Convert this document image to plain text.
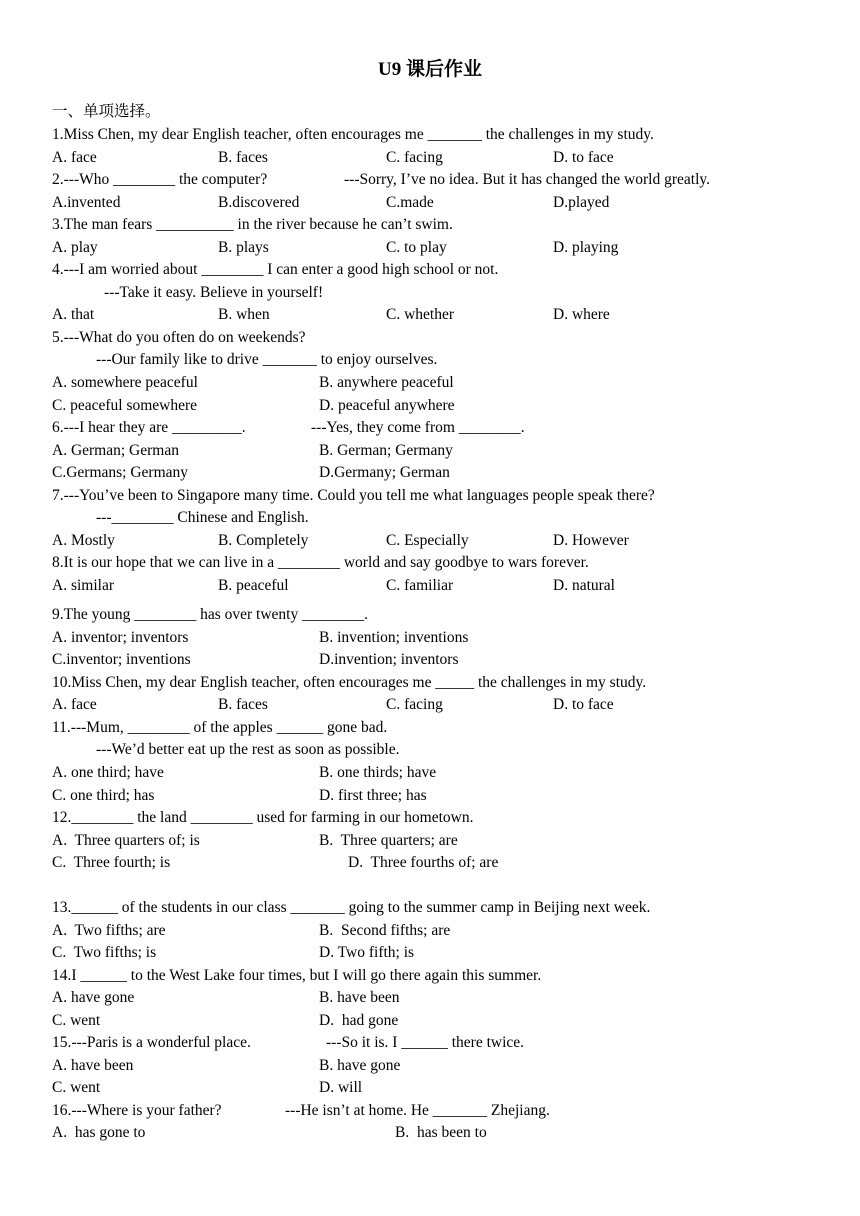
U9 课后作业
一、单项选择。
1.Miss Chen, my dear English teacher, often encourages me _______ the challenges in my study.
A. face	B. faces	C. facing	D. to face
2.---Who ________ the computer?	---Sorry, I’ve no idea. But it has changed the world greatly.
A.invented	B.discovered	C.made	D.played
3.The man fears __________ in the river because he can’t swim.
A. play	B. plays	C. to play	D. playing
4.---I am worried about ________ I can enter a good high school or not.
---Take it easy. Believe in yourself!
A. that	B. when	C. whether	D. where
5.---What do you often do on weekends?
---Our family like to drive _______ to enjoy ourselves.
A. somewhere peaceful	B. anywhere peaceful
C. peaceful somewhere	D. peaceful anywhere
6.---I hear they are _________.	---Yes, they come from ________.
A. German; German	B. German; Germany
C.Germans; Germany	D.Germany; German
7.---You’ve been to Singapore many time. Could you tell me what languages people speak there?
---________ Chinese and English.
A. Mostly	B. Completely	C. Especially	D. However
8.It is our hope that we can live in a ________ world and say goodbye to wars forever.
A. similar	B. peaceful	C. familiar	D. natural
9.The young ________ has over twenty ________.
A. inventor; inventors	B. invention; inventions
C.inventor; inventions	D.invention; inventors
10.Miss Chen, my dear English teacher, often encourages me _____ the challenges in my study.
A. face	B. faces	C. facing	D. to face
11.---Mum, ________ of the apples ______ gone bad.
---We’d better eat up the rest as soon as possible.
A. one third; have	B. one thirds; have
C. one third; has	D. first three; has
12.________ the land ________ used for farming in our hometown.
A.  Three quarters of; is	B.  Three quarters; are
C.  Three fourth; is	D.  Three fourths of; are
13.______ of the students in our class _______ going to the summer camp in Beijing next week.
A.  Two fifths; are	B.  Second fifths; are
C.  Two fifths; is	D. Two fifth; is
14.I ______ to the West Lake four times, but I will go there again this summer.
A. have gone	B. have been
C. went	D.  had gone
15.---Paris is a wonderful place.	---So it is. I ______ there twice.
A. have been	B. have gone
C. went	D. will
16.---Where is your father?	---He isn’t at home. He _______ Zhejiang.
A.  has gone to	B.  has been to
